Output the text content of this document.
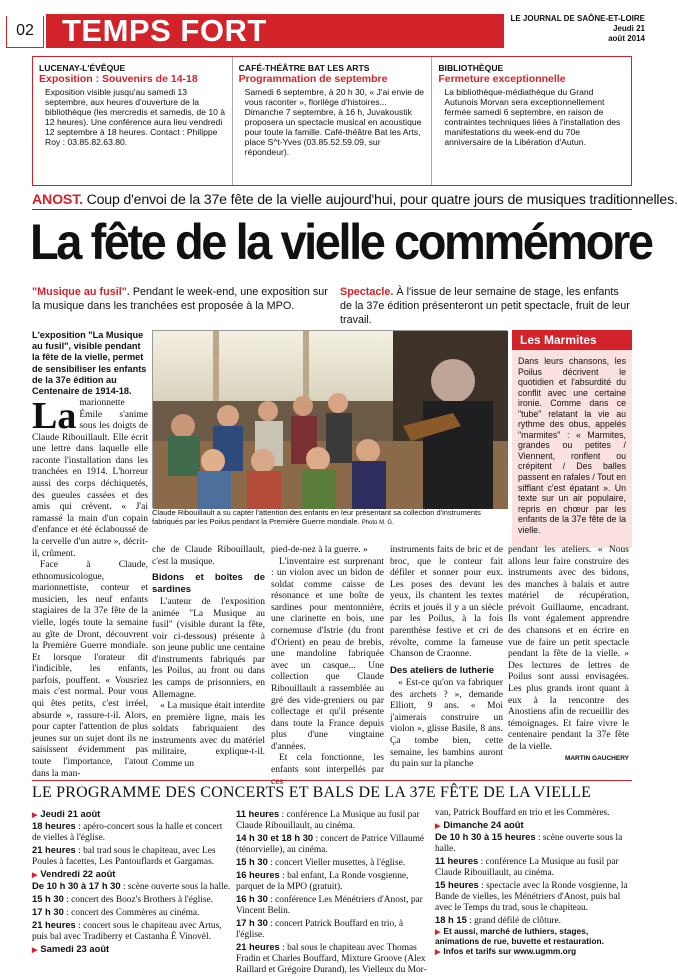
02 TEMPS FORT	LE JOURNAL DE SAÔNE-ET-LOIRE
Jeudi 21
août 2014
LUCENAY-L'ÉVÊQUE
Exposition : Souvenirs de 14-18
Exposition visible jusqu'au samedi 13 septembre, aux heures d'ouverture de la bibliothèque (les mercredis et samedis, de 10 à 12 heures). Une conférence aura lieu vendredi 12 septembre à 18 heures. Contact : Philippe Roy : 03.85.82.63.80.
CAFÉ-THÉÂTRE BAT LES ARTS
Programmation de septembre
Samedi 6 septembre, à 20 h 30, « J'ai envie de vous raconter », florilège d'histoires... Dimanche 7 septembre, à 16 h, Juvakoustik proposera un spectacle musical en acoustique pour toute la famille. Café-théâtre Bat les Arts, place S^t-Yves (03.85.52.59.09, sur répondeur).
BIBLIOTHÈQUE
Fermeture exceptionnelle
La bibliothèque-médiathèque du Grand Autunois Morvan sera exceptionnellement fermée samedi 6 septembre, en raison de contraintes techniques liées à l'installation des manifestations du week-end du 70e anniversaire de la Libération d'Autun.
ANOST. Coup d'envoi de la 37e fête de la vielle aujourd'hui, pour quatre jours de musiques traditionnelles.
La fête de la vielle commémore
"Musique au fusil". Pendant le week-end, une exposition sur la musique dans les tranchées est proposée à la MPO.
Spectacle. À l'issue de leur semaine de stage, les enfants de la 37e édition présenteront un petit spectacle, fruit de leur travail.
L'exposition "La Musique au fusil", visible pendant la fête de la vielle, permet de sensibiliser les enfants de la 37e édition au Centenaire de 1914-18.
Claude Ribouillault a su capter l'attention des enfants en leur présentant sa collection d'instruments fabriqués par les Poilus pendant la Première Guerre mondiale. Photo M. G.
Les Marmites
Dans leurs chansons, les Poilus décrivent le quotidien et l'absurdité du conflit avec une certaine ironie. Comme dans ce "tube" relatant la vie au rythme des obus, appelés "marmites" : « Marmites, grandes ou petites / Viennent, ronflent ou crépitent / Des balles passent en rafales / Tout en sifflant c'est épatant ». Un texte sur un air populaire, repris en chœur par les enfants de la 37e fête de la vielle.
La marionnette Émile s'anime sous les doigts de Claude Ribouillault. Elle écrit une lettre dans laquelle elle raconte l'installation dans les tranchées en 1914. L'horreur aussi des corps déchiquetés, des gueules cassées et des amis qui crèvent. « J'ai ramassé la main d'un copain d'enfance et été éclaboussé de la cervelle d'un autre », décrit-il, crûment.

Face à Claude, ethnomusicologue, marionnettiste, conteur et musicien, les neuf enfants stagiaires de la 37e fête de la vielle, logés toute la semaine au gîte de Dront, découvrent la Première Guerre mondiale. Et lorsque l'orateur dit l'indicible, les enfants, parfois, pouffent. « Vousriez mais c'est normal. Pour vous qui êtes petits, c'est irréel, absurde », rassure-t-il. Alors, pour capter l'attention de plus jeunes sur un sujet dont ils ne saisissent évidemment pas toute l'importance, l'atout dans la man-

che de Claude Ribouillault, c'est la musique.

Bidons et boîtes de sardines

L'auteur de l'exposition animée "La Musique au fusil" (visible durant la fête, voir ci-dessous) présente à son jeune public une centaine d'instruments fabriqués par les Poilus, au front ou dans les camps de prisonniers, en Allemagne.

« La musique était interdite en première ligne, mais les soldats fabriquaient des instruments avec du matériel militaire, explique-t-il. Comme un

pied-de-nez à la guerre. »

L'inventaire est surprenant : un violon avec un bidon de soldat comme caisse de résonance et une boîte de sardines pour mentonnière, une clarinette en bois, une cornemuse d'Istrie (du front d'Orient) en peau de brebis, une mandoline fabriquée avec un casque... Une collection que Claude Ribouillault a rassemblée au gré des vide-greniers ou par collectage et qu'il présente dans toute la France depuis plus d'une vingtaine d'années.

Et cela fonctionne, les enfants sont interpellés par ces

instruments faits de bric et de broc, que le conteur fait défiler et sonner pour eux. Les poses des devant les yeux, ils chantent les textes écrits et joués il y a un siècle par les Poilus, à la fois parenthèse festive et cri de révolte, comme la fameuse Chanson de Craonne.

Des ateliers de lutherie

« Est-ce qu'on va fabriquer des archets ? », demande Elliott, 9 ans. « Moi j'aimerais construire un violon », glisse Basile, 8 ans. Ça tombe bien, cette semaine, les bambins auront du pain sur la planche

pendant les ateliers. « Nous allons leur faire construire des instruments avec des bidons, des manches à balais et autre matériel de récupération, prévoit Guillaume, encadrant. Ils vont également apprendre des chansons et en écrire en vue de faire un petit spectacle pendant la fête de la vielle. » Des lectures de lettres de Poilus sont aussi envisagées. Les plus grands iront quant à eux à la rencontre des Anostiens afin de recueillir des témoignages. Et faire vivre le centenaire pendant la 37e fête de la vielle.

MARTIN GAUCHERY
LE PROGRAMME DES CONCERTS ET BALS DE LA 37E FÊTE DE LA VIELLE
▶ Jeudi 21 août
18 heures : apéro-concert sous la halle et concert de vielles à l'église.
21 heures : bal trad sous le chapiteau, avec Les Poules à facettes, Les Pantouflards et Gargamas.
▶ Vendredi 22 août
De 10 h 30 à 17 h 30 : scène ouverte sous la halle.
15 h 30 : concert des Booz's Brothers à l'église.
17 h 30 : concert des Commères au cinéma.
21 heures : concert sous le chapiteau avec Artus, puis bal avec Tradiberry et Castanha È Vinovèl.
▶ Samedi 23 août
11 heures : conférence La Musique au fusil par Claude Ribouillault, au cinéma.
14 h 30 et 18 h 30 : concert de Patrice Villaumé (ténorvielle), au cinéma.
15 h 30 : concert Vieller musettes, à l'église.
16 heures : bal enfant, La Ronde vosgienne, parquet de la MPO (gratuit).
16 h 30 : conférence Les Ménétriers d'Anost, par Vincent Belin.
17 h 30 : concert Patrick Bouffard en trio, à l'église.
21 heures : bal sous le chapiteau avec Thomas Fradin et Charles Bouffard, Mixture Groove (Alex Raillard et Grégoire Durand), les Vielleux du Mor-
van, Patrick Bouffard en trio et les Commères.
▶ Dimanche 24 août
De 10 h 30 à 15 heures : scène ouverte sous la halle.
11 heures : conférence La Musique au fusil par Claude Ribouillault, au cinéma.
15 heures : spectacle avec la Ronde vosgienne, la Bande de vielles, les Ménétriers d'Anost, puis bal avec le Temps du trad, sous le chapiteau.
18 h 15 : grand défilé de clôture.
▶ Et aussi, marché de luthiers, stages, animations de rue, buvette et restauration.
▶ Infos et tarifs sur www.ugmm.org
